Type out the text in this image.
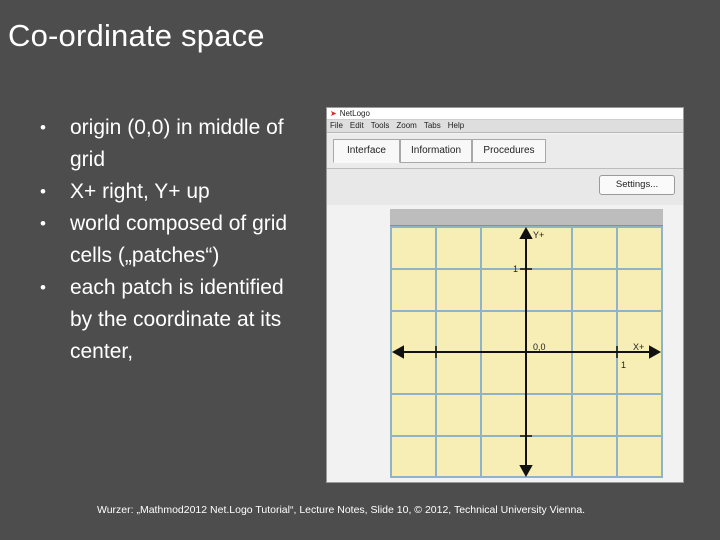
Co-ordinate space
• origin (0,0) in middle of grid
• X+ right, Y+ up
• world composed of grid cells („patches“)
• each patch is identified by the coordinate at its center,
➤ NetLogo
File Edit Tools Zoom Tabs Help
Interface	Information	Procedures
Settings...
Y+
1
0,0	X+
1
Wurzer: „Mathmod2012 Net.Logo Tutorial“, Lecture Notes, Slide 10, © 2012, Technical University Vienna.
